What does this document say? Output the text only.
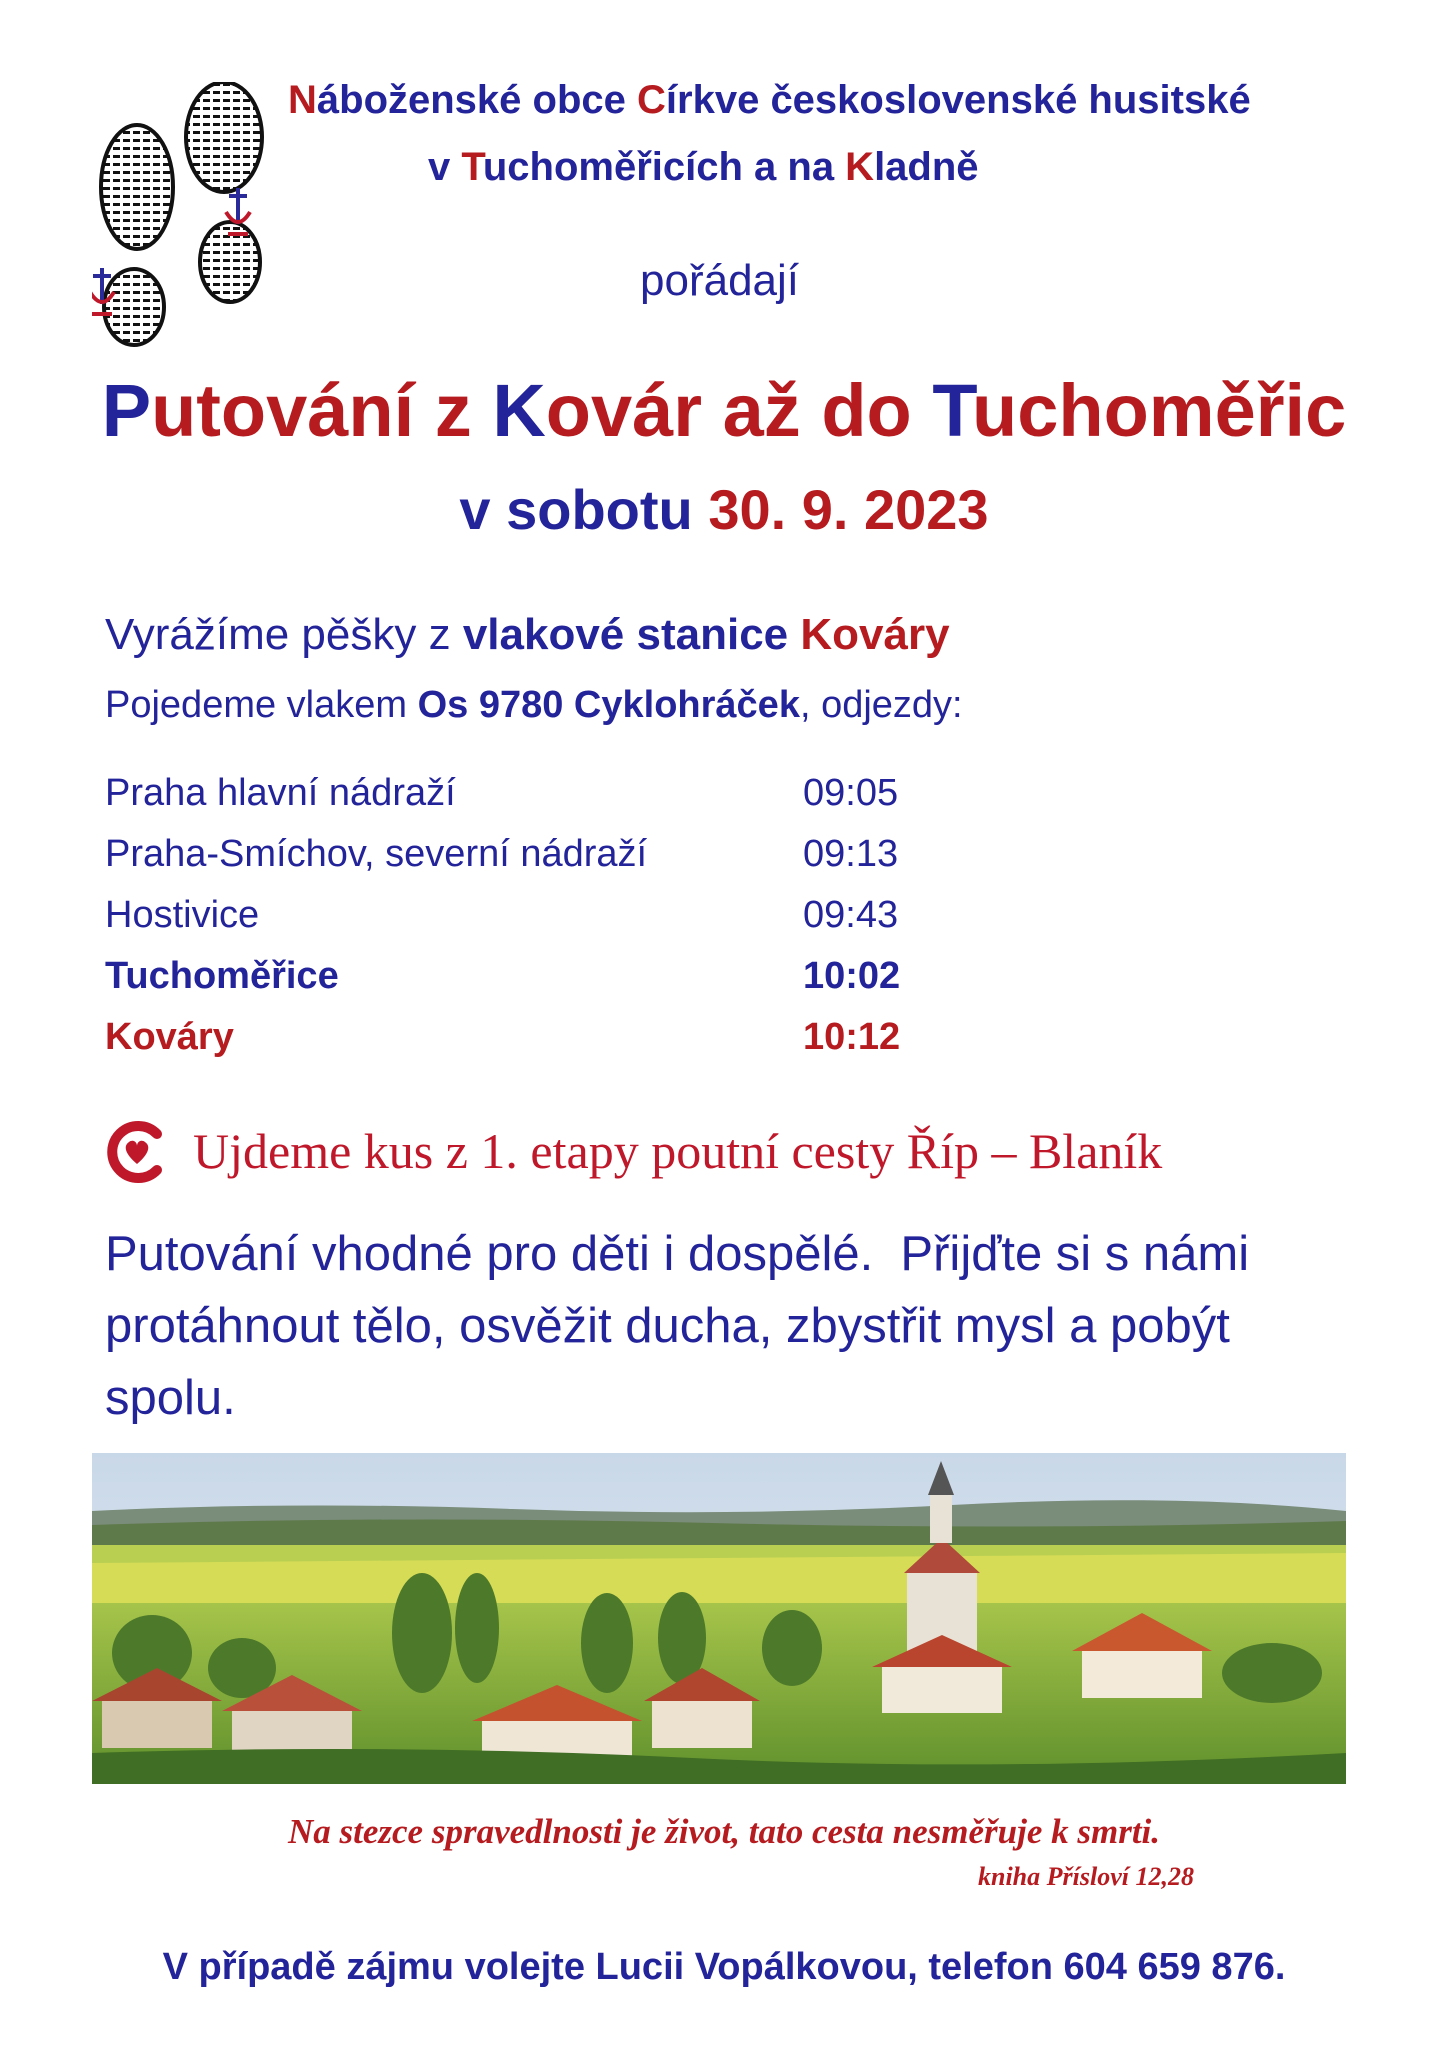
Náboženské obce Církve československé husitské
v Tuchoměřicích a na Kladně
pořádají
Putování z Kovár až do Tuchoměřic
v sobotu 30. 9. 2023
Vyrážíme pěšky z vlakové stanice Kováry
Pojedeme vlakem Os 9780 Cyklohráček, odjezdy:
Praha hlavní nádraží	09:05
Praha-Smíchov, severní nádraží	09:13
Hostivice	09:43
Tuchoměřice	10:02
Kováry	10:12
Ujdeme kus z 1. etapy poutní cesty Říp – Blaník
Putování vhodné pro děti i dospělé.  Přijďte si s námi
protáhnout tělo, osvěžit ducha, zbystřit mysl a pobýt
spolu.
Na stezce spravedlnosti je život, tato cesta nesměřuje k smrti.
kniha Přísloví 12,28
V případě zájmu volejte Lucii Vopálkovou, telefon 604 659 876.
